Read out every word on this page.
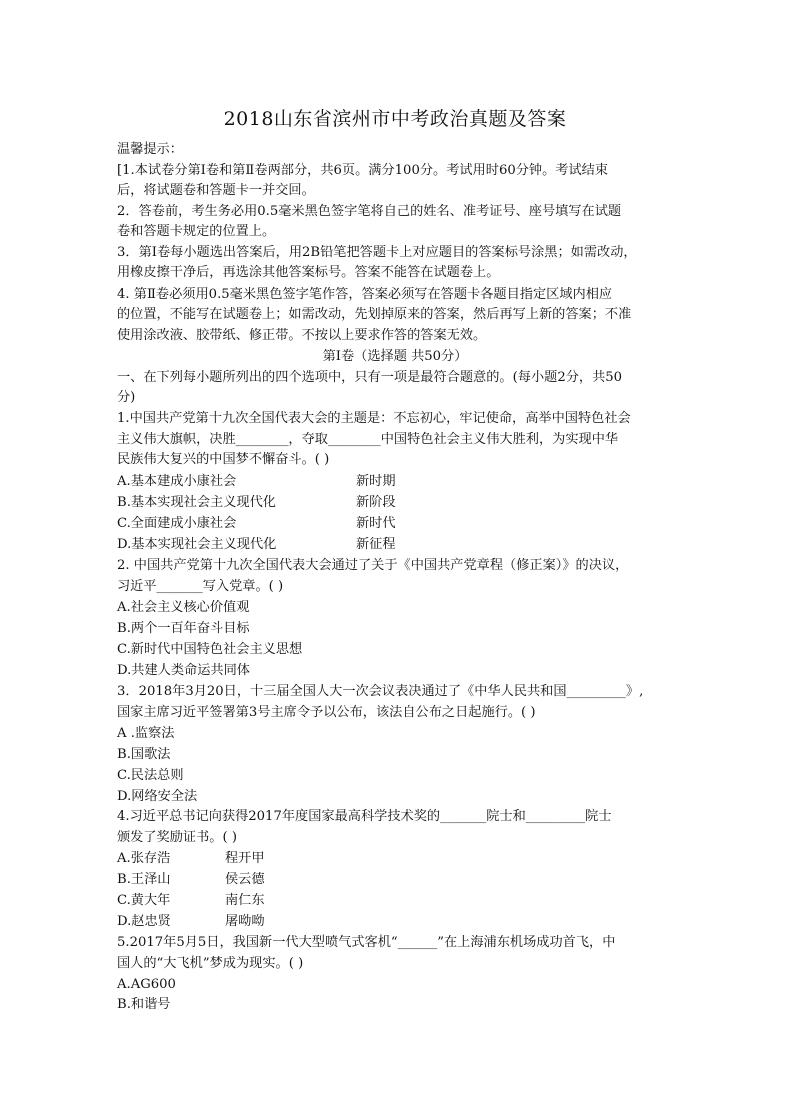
2018山东省滨州市中考政治真题及答案
温馨提示：
[1.本试卷分第Ⅰ卷和第Ⅱ卷两部分，共6页。满分100分。考试用时60分钟。考试结束
后，将试题卷和答题卡一并交回。
2．答卷前，考生务必用0.5毫米黑色签字笔将自己的姓名、准考证号、座号填写在试题
卷和答题卡规定的位置上。
3．第Ⅰ卷每小题选出答案后，用2B铅笔把答题卡上对应题目的答案标号涂黑；如需改动，
用橡皮擦干净后，再选涂其他答案标号。答案不能答在试题卷上。
4. 第Ⅱ卷必须用0.5毫米黑色签字笔作答，答案必须写在答题卡各题目指定区域内相应
的位置，不能写在试题卷上；如需改动，先划掉原来的答案，然后再写上新的答案；不准
使用涂改液、胶带纸、修正带。不按以上要求作答的答案无效。
第Ⅰ卷（选择题 共50分）
一、在下列每小题所列出的四个选项中，只有一项是最符合题意的。(每小题2分，共50
分)
1.中国共产党第十九次全国代表大会的主题是：不忘初心，牢记使命，高举中国特色社会
主义伟大旗帜，决胜________，夺取________中国特色社会主义伟大胜利，为实现中华
民族伟大复兴的中国梦不懈奋斗。( )
A.基本建成小康社会	新时期
B.基本实现社会主义现代化	新阶段
C.全面建成小康社会	新时代
D.基本实现社会主义现代化	新征程
2. 中国共产党第十九次全国代表大会通过了关于《中国共产党章程（修正案）》的决议，
习近平_______写入党章。( )
A.社会主义核心价值观
B.两个一百年奋斗目标
C.新时代中国特色社会主义思想
D.共建人类命运共同体
3．2018年3月20日，十三届全国人大一次会议表决通过了《中华人民共和国_________》,
国家主席习近平签署第3号主席令予以公布，该法自公布之日起施行。( )
A .监察法
B.国歌法
C.民法总则
D.网络安全法
4.习近平总书记向获得2017年度国家最高科学技术奖的_______院士和_________院士
颁发了奖励证书。( )
A.张存浩	程开甲
B.王泽山	侯云德
C.黄大年	南仁东
D.赵忠贤	屠呦呦
5.2017年5月5日，我国新一代大型喷气式客机“______”在上海浦东机场成功首飞，中
国人的“大飞机”梦成为现实。( )
A.AG600
B.和谐号
